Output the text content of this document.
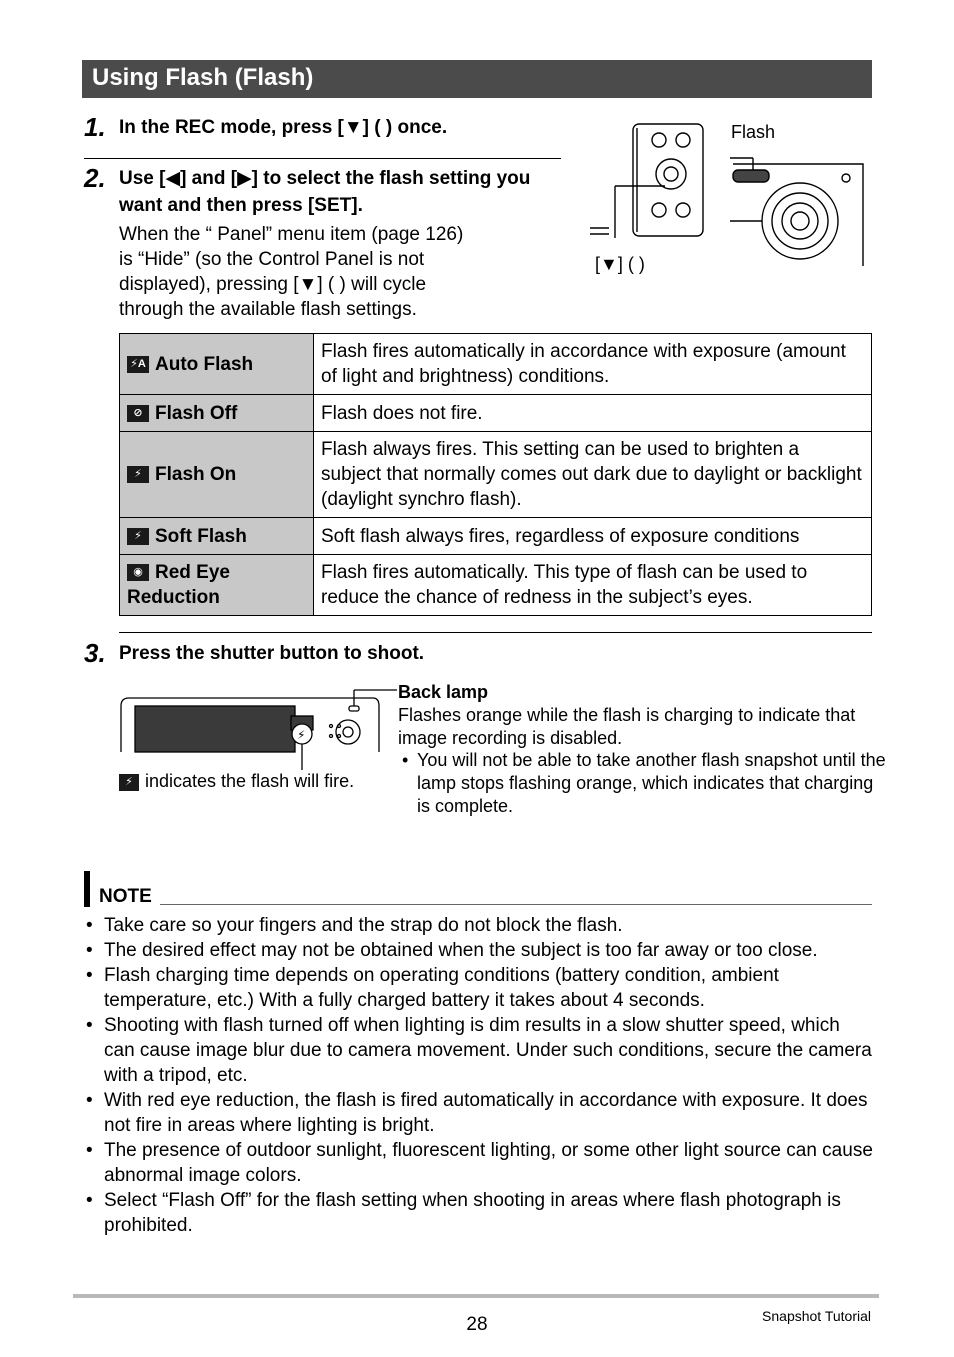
Using Flash (Flash)
1. In the REC mode, press [▼] ( ) once.
2. Use [◀] and [▶] to select the flash setting you want and then press [SET].
When the “ Panel” menu item (page 126)
is “Hide” (so the Control Panel is not
displayed), pressing [▼] ( ) will cycle
through the available flash settings.
Flash
[▼] ( )
⚡A Auto Flash	Flash fires automatically in accordance with exposure (amount of light and brightness) conditions.
⊘ Flash Off	Flash does not fire.
⚡ Flash On	Flash always fires. This setting can be used to brighten a subject that normally comes out dark due to daylight or backlight (daylight synchro flash).
⚡ Soft Flash	Soft flash always fires, regardless of exposure conditions
◉ Red Eye Reduction	Flash fires automatically. This type of flash can be used to reduce the chance of redness in the subject’s eyes.
3. Press the shutter button to shoot.
⚡
⚡ indicates the flash will fire.
Back lamp
Flashes orange while the flash is charging to indicate that image recording is disabled.
• You will not be able to take another flash snapshot until the lamp stops flashing orange, which indicates that charging is complete.
NOTE
• Take care so your fingers and the strap do not block the flash.
• The desired effect may not be obtained when the subject is too far away or too close.
• Flash charging time depends on operating conditions (battery condition, ambient temperature, etc.) With a fully charged battery it takes about 4 seconds.
• Shooting with flash turned off when lighting is dim results in a slow shutter speed, which can cause image blur due to camera movement. Under such conditions, secure the camera with a tripod, etc.
• With red eye reduction, the flash is fired automatically in accordance with exposure. It does not fire in areas where lighting is bright.
• The presence of outdoor sunlight, fluorescent lighting, or some other light source can cause abnormal image colors.
• Select “Flash Off” for the flash setting when shooting in areas where flash photograph is prohibited.
28	Snapshot Tutorial
